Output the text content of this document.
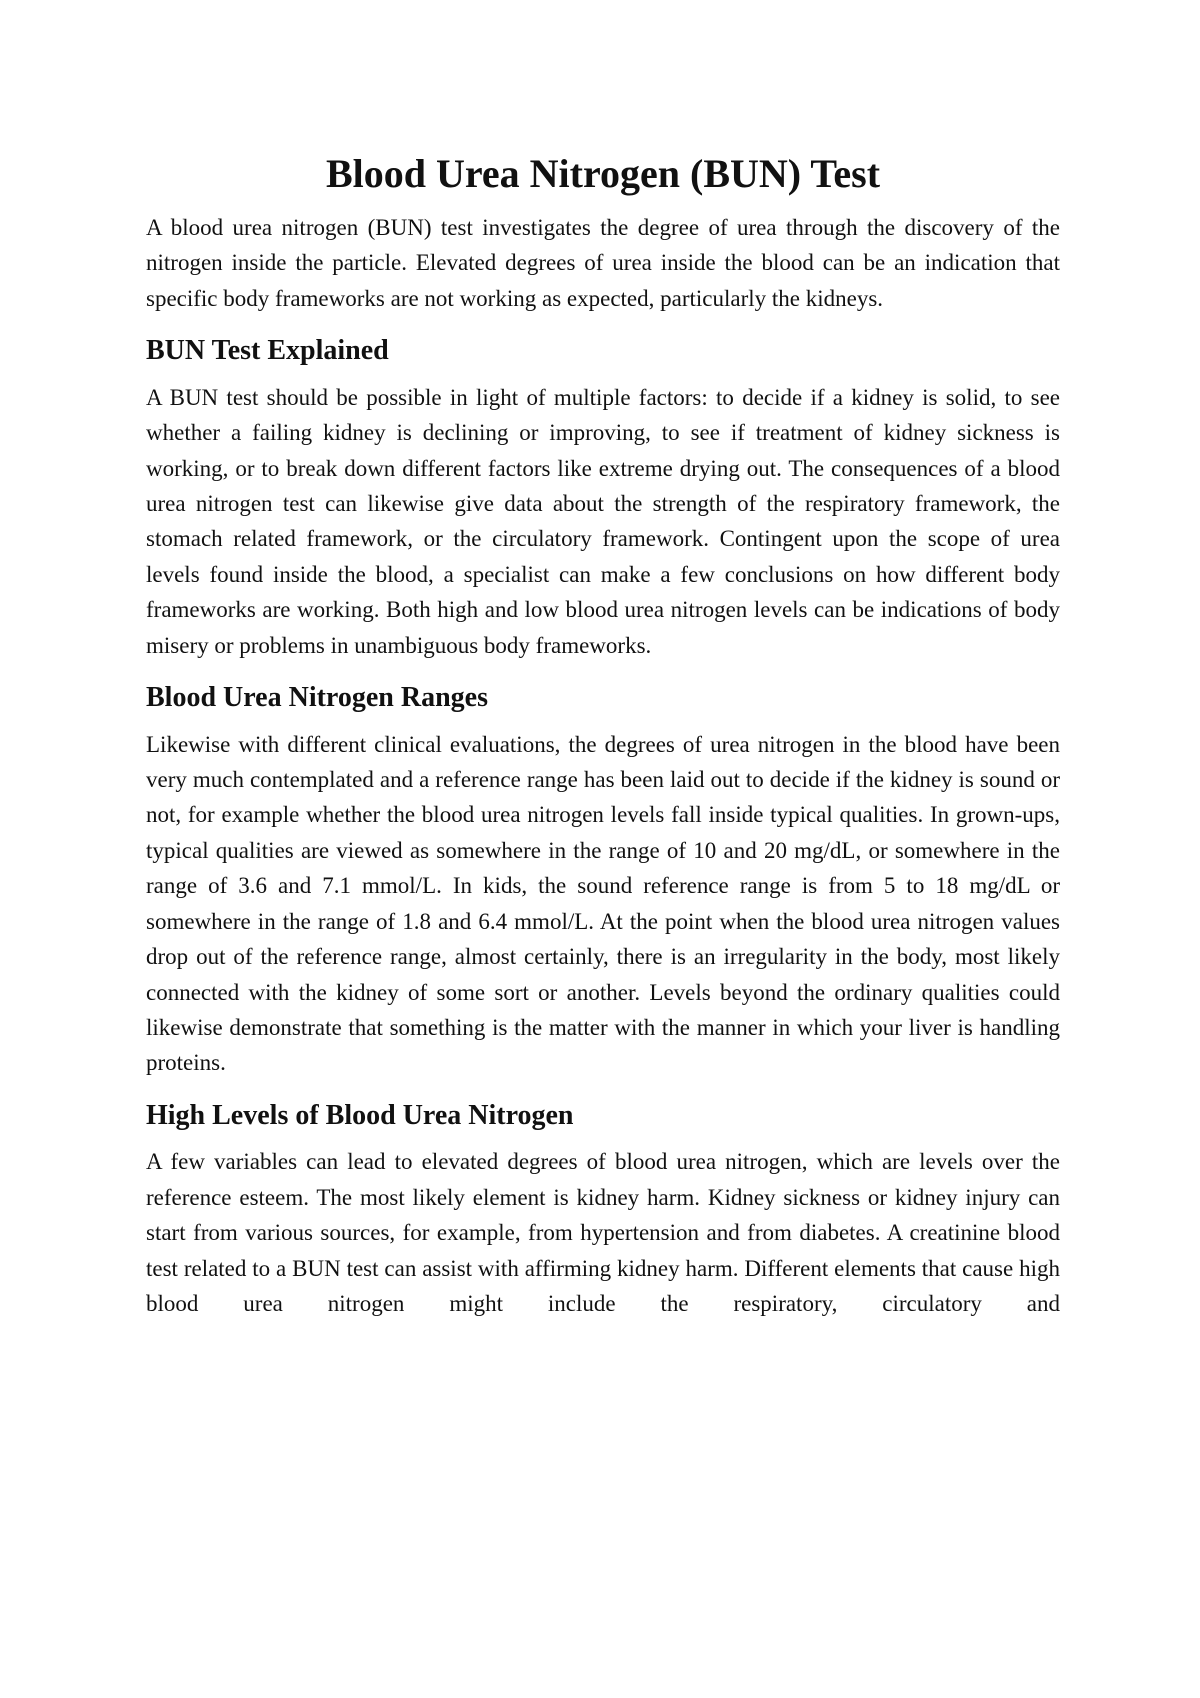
Blood Urea Nitrogen (BUN) Test

A blood urea nitrogen (BUN) test investigates the degree of urea through the discovery of the nitrogen inside the particle. Elevated degrees of urea inside the blood can be an indication that specific body frameworks are not working as expected, particularly the kidneys.

BUN Test Explained

A BUN test should be possible in light of multiple factors: to decide if a kidney is solid, to see whether a failing kidney is declining or improving, to see if treatment of kidney sickness is working, or to break down different factors like extreme drying out. The consequences of a blood urea nitrogen test can likewise give data about the strength of the respiratory framework, the stomach related framework, or the circulatory framework. Contingent upon the scope of urea levels found inside the blood, a specialist can make a few conclusions on how different body frameworks are working. Both high and low blood urea nitrogen levels can be indications of body misery or problems in unambiguous body frameworks.

Blood Urea Nitrogen Ranges

Likewise with different clinical evaluations, the degrees of urea nitrogen in the blood have been very much contemplated and a reference range has been laid out to decide if the kidney is sound or not, for example whether the blood urea nitrogen levels fall inside typical qualities. In grown-ups, typical qualities are viewed as somewhere in the range of 10 and 20 mg/dL, or somewhere in the range of 3.6 and 7.1 mmol/L. In kids, the sound reference range is from 5 to 18 mg/dL or somewhere in the range of 1.8 and 6.4 mmol/L. At the point when the blood urea nitrogen values drop out of the reference range, almost certainly, there is an irregularity in the body, most likely connected with the kidney of some sort or another. Levels beyond the ordinary qualities could likewise demonstrate that something is the matter with the manner in which your liver is handling proteins.

High Levels of Blood Urea Nitrogen

A few variables can lead to elevated degrees of blood urea nitrogen, which are levels over the reference esteem. The most likely element is kidney harm. Kidney sickness or kidney injury can start from various sources, for example, from hypertension and from diabetes. A creatinine blood test related to a BUN test can assist with affirming kidney harm. Different elements that cause high blood urea nitrogen might include the respiratory, circulatory and
